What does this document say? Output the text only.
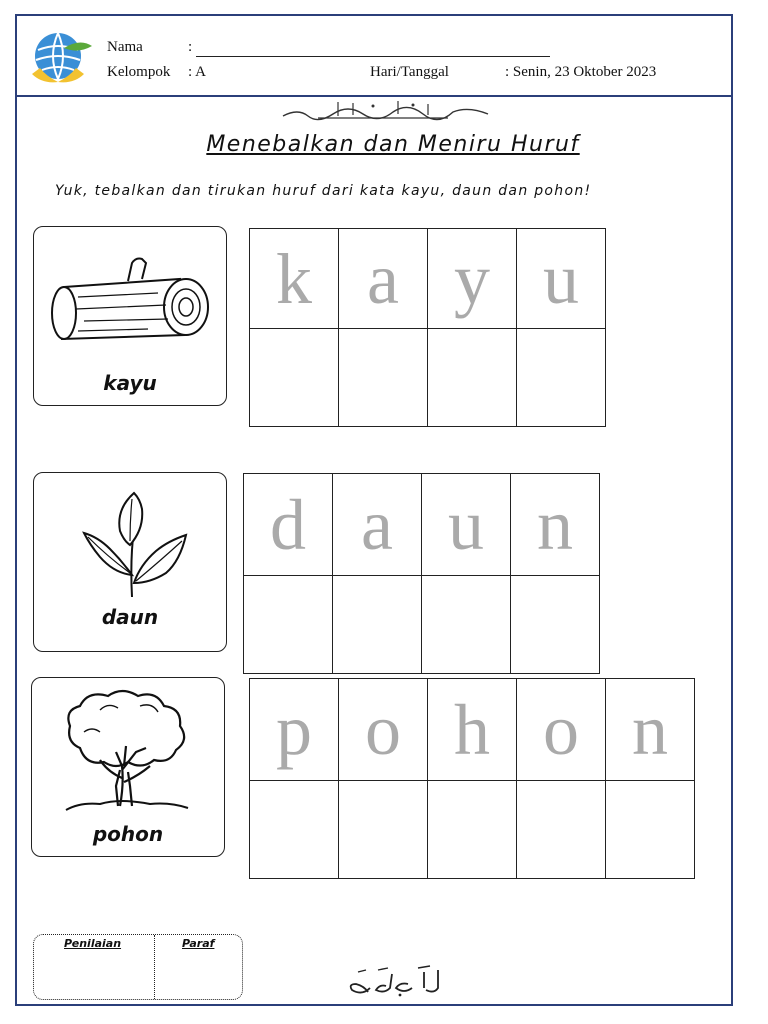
Nama	:
Kelompok : A	Hari/Tanggal	: Senin, 23 Oktober 2023
Menebalkan dan Meniru Huruf
Yuk, tebalkan dan tirukan huruf dari kata kayu, daun dan pohon!
kayu
k a y u
daun
d a u n
pohon
p o h o n
Penilaian	Paraf
